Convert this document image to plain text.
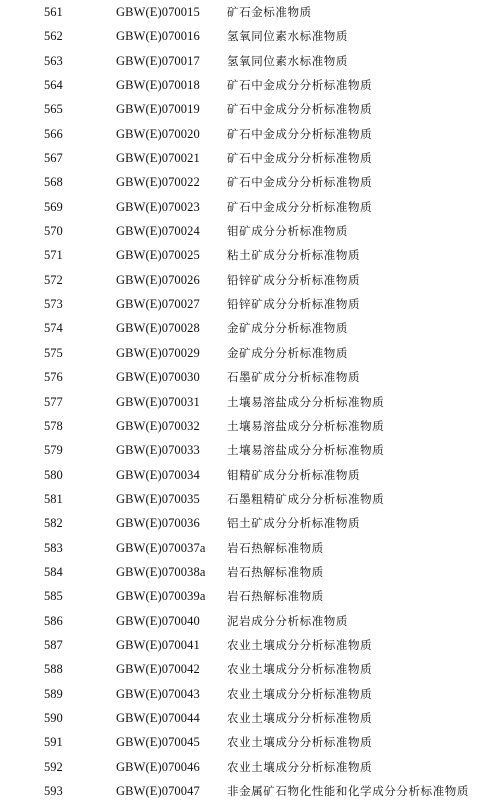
561	GBW(E)070015 矿石金标准物质
562	GBW(E)070016 氢氧同位素水标准物质
563	GBW(E)070017 氢氧同位素水标准物质
564	GBW(E)070018 矿石中金成分分析标准物质
565	GBW(E)070019 矿石中金成分分析标准物质
566	GBW(E)070020 矿石中金成分分析标准物质
567	GBW(E)070021 矿石中金成分分析标准物质
568	GBW(E)070022 矿石中金成分分析标准物质
569	GBW(E)070023 矿石中金成分分析标准物质
570	GBW(E)070024 钼矿成分分析标准物质
571	GBW(E)070025 粘土矿成分分析标准物质
572	GBW(E)070026 铅锌矿成分分析标准物质
573	GBW(E)070027 铅锌矿成分分析标准物质
574	GBW(E)070028 金矿成分分析标准物质
575	GBW(E)070029 金矿成分分析标准物质
576	GBW(E)070030 石墨矿成分分析标准物质
577	GBW(E)070031 土壤易溶盐成分分析标准物质
578	GBW(E)070032 土壤易溶盐成分分析标准物质
579	GBW(E)070033 土壤易溶盐成分分析标准物质
580	GBW(E)070034 钼精矿成分分析标准物质
581	GBW(E)070035 石墨粗精矿成分分析标准物质
582	GBW(E)070036 铝土矿成分分析标准物质
583	GBW(E)070037a 岩石热解标准物质
584	GBW(E)070038a 岩石热解标准物质
585	GBW(E)070039a 岩石热解标准物质
586	GBW(E)070040 泥岩成分分析标准物质
587	GBW(E)070041 农业土壤成分分析标准物质
588	GBW(E)070042 农业土壤成分分析标准物质
589	GBW(E)070043 农业土壤成分分析标准物质
590	GBW(E)070044 农业土壤成分分析标准物质
591	GBW(E)070045 农业土壤成分分析标准物质
592	GBW(E)070046 农业土壤成分分析标准物质
593	GBW(E)070047 非金属矿石物化性能和化学成分分析标准物质
